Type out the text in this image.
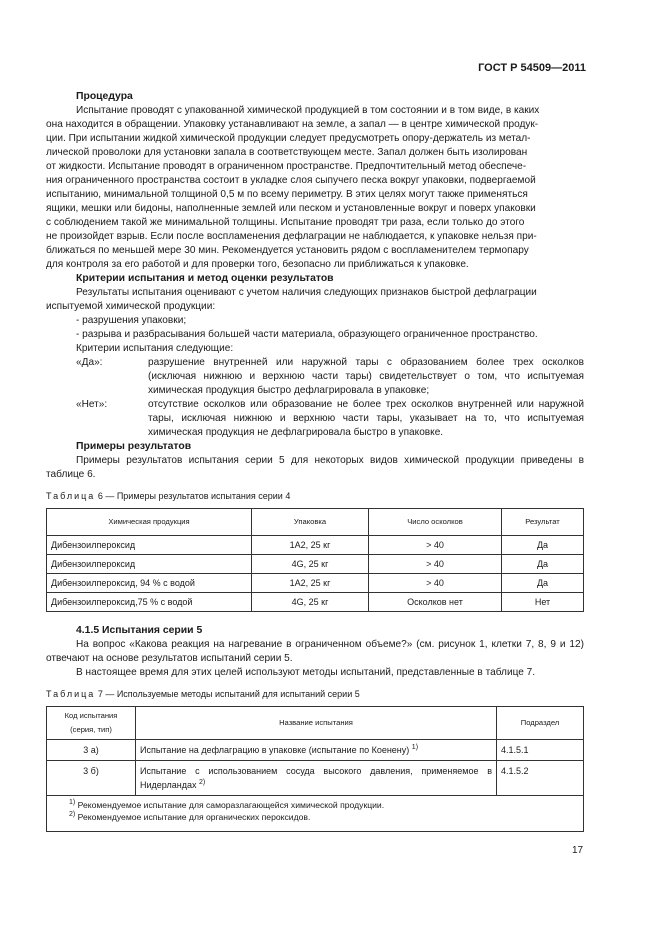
ГОСТ Р 54509—2011
Процедура
Испытание проводят с упакованной химической продукцией в том состоянии и в том виде, в каких
она находится в обращении. Упаковку устанавливают на земле, а запал — в центре химической продук-
ции. При испытании жидкой химической продукции следует предусмотреть опору-держатель из метал-
лической проволоки для установки запала в соответствующем месте. Запал должен быть изолирован
от жидкости. Испытание проводят в ограниченном пространстве. Предпочтительный метод обеспече-
ния ограниченного пространства состоит в укладке слоя сыпучего песка вокруг упаковки, подвергаемой
испытанию, минимальной толщиной 0,5 м по всему периметру. В этих целях могут также применяться
ящики, мешки или бидоны, наполненные землей или песком и установленные вокруг и поверх упаковки
с соблюдением такой же минимальной толщины. Испытание проводят три раза, если только до этого
не произойдет взрыв. Если после воспламенения дефлаграции не наблюдается, к упаковке нельзя при-
ближаться по меньшей мере 30 мин. Рекомендуется установить рядом с воспламенителем термопару
для контроля за его работой и для проверки того, безопасно ли приближаться к упаковке.
Критерии испытания и метод оценки результатов
Результаты испытания оценивают с учетом наличия следующих признаков быстрой дефлаграции
испытуемой химической продукции:

- разрушения упаковки;

- разрыва и разбрасывания большей части материала, образующего ограниченное пространство.

Критерии испытания следующие:

«Да»:	разрушение внутренней или наружной тары с образованием более трех осколков (исключая нижнюю и верхнюю части тары) свидетельствует о том, что испытуемая химическая продукция быстро дефлагрировала в упаковке;
«Нет»:	отсутствие осколков или образование не более трех осколков внутренней или наружной тары, исключая нижнюю и верхнюю части тары, указывает на то, что испытуемая химическая продукция не дефлагрировала быстро в упаковке.
Примеры результатов

Примеры результатов испытания серии 5 для некоторых видов химической продукции приведены в таблице 6.

Таблица 6 — Примеры результатов испытания серии 4
Химическая продукция	Упаковка	Число осколков	Результат
Дибензоилпероксид	1А2, 25 кг	> 40	Да
Дибензоилпероксид	4G, 25 кг	> 40	Да
Дибензоилпероксид, 94 % с водой	1А2, 25 кг	> 40	Да
Дибензоилпероксид,75 % с водой	4G, 25 кг	Осколков нет	Нет
4.1.5 Испытания серии 5

На вопрос «Какова реакция на нагревание в ограниченном объеме?» (см. рисунок 1, клетки 7, 8, 9 и 12) отвечают на основе результатов испытаний серии 5.

В настоящее время для этих целей используют методы испытаний, представленные в таблице 7.

Таблица 7 — Используемые методы испытаний для испытаний серии 5
Код испытания (серия, тип)	Название испытания	Подраздел
3 а)	Испытание на дефлаграцию в упаковке (испытание по Коенену) $^{1)}$	4.1.5.1
3 б)	Испытание с использованием сосуда высокого давления, применяемое в Нидерландах $^{2)}$	4.1.5.2

$^{1)}$ Рекомендуемое испытание для саморазлагающейся химической продукции.
$^{2)}$ Рекомендуемое испытание для органических пероксидов.		
17
